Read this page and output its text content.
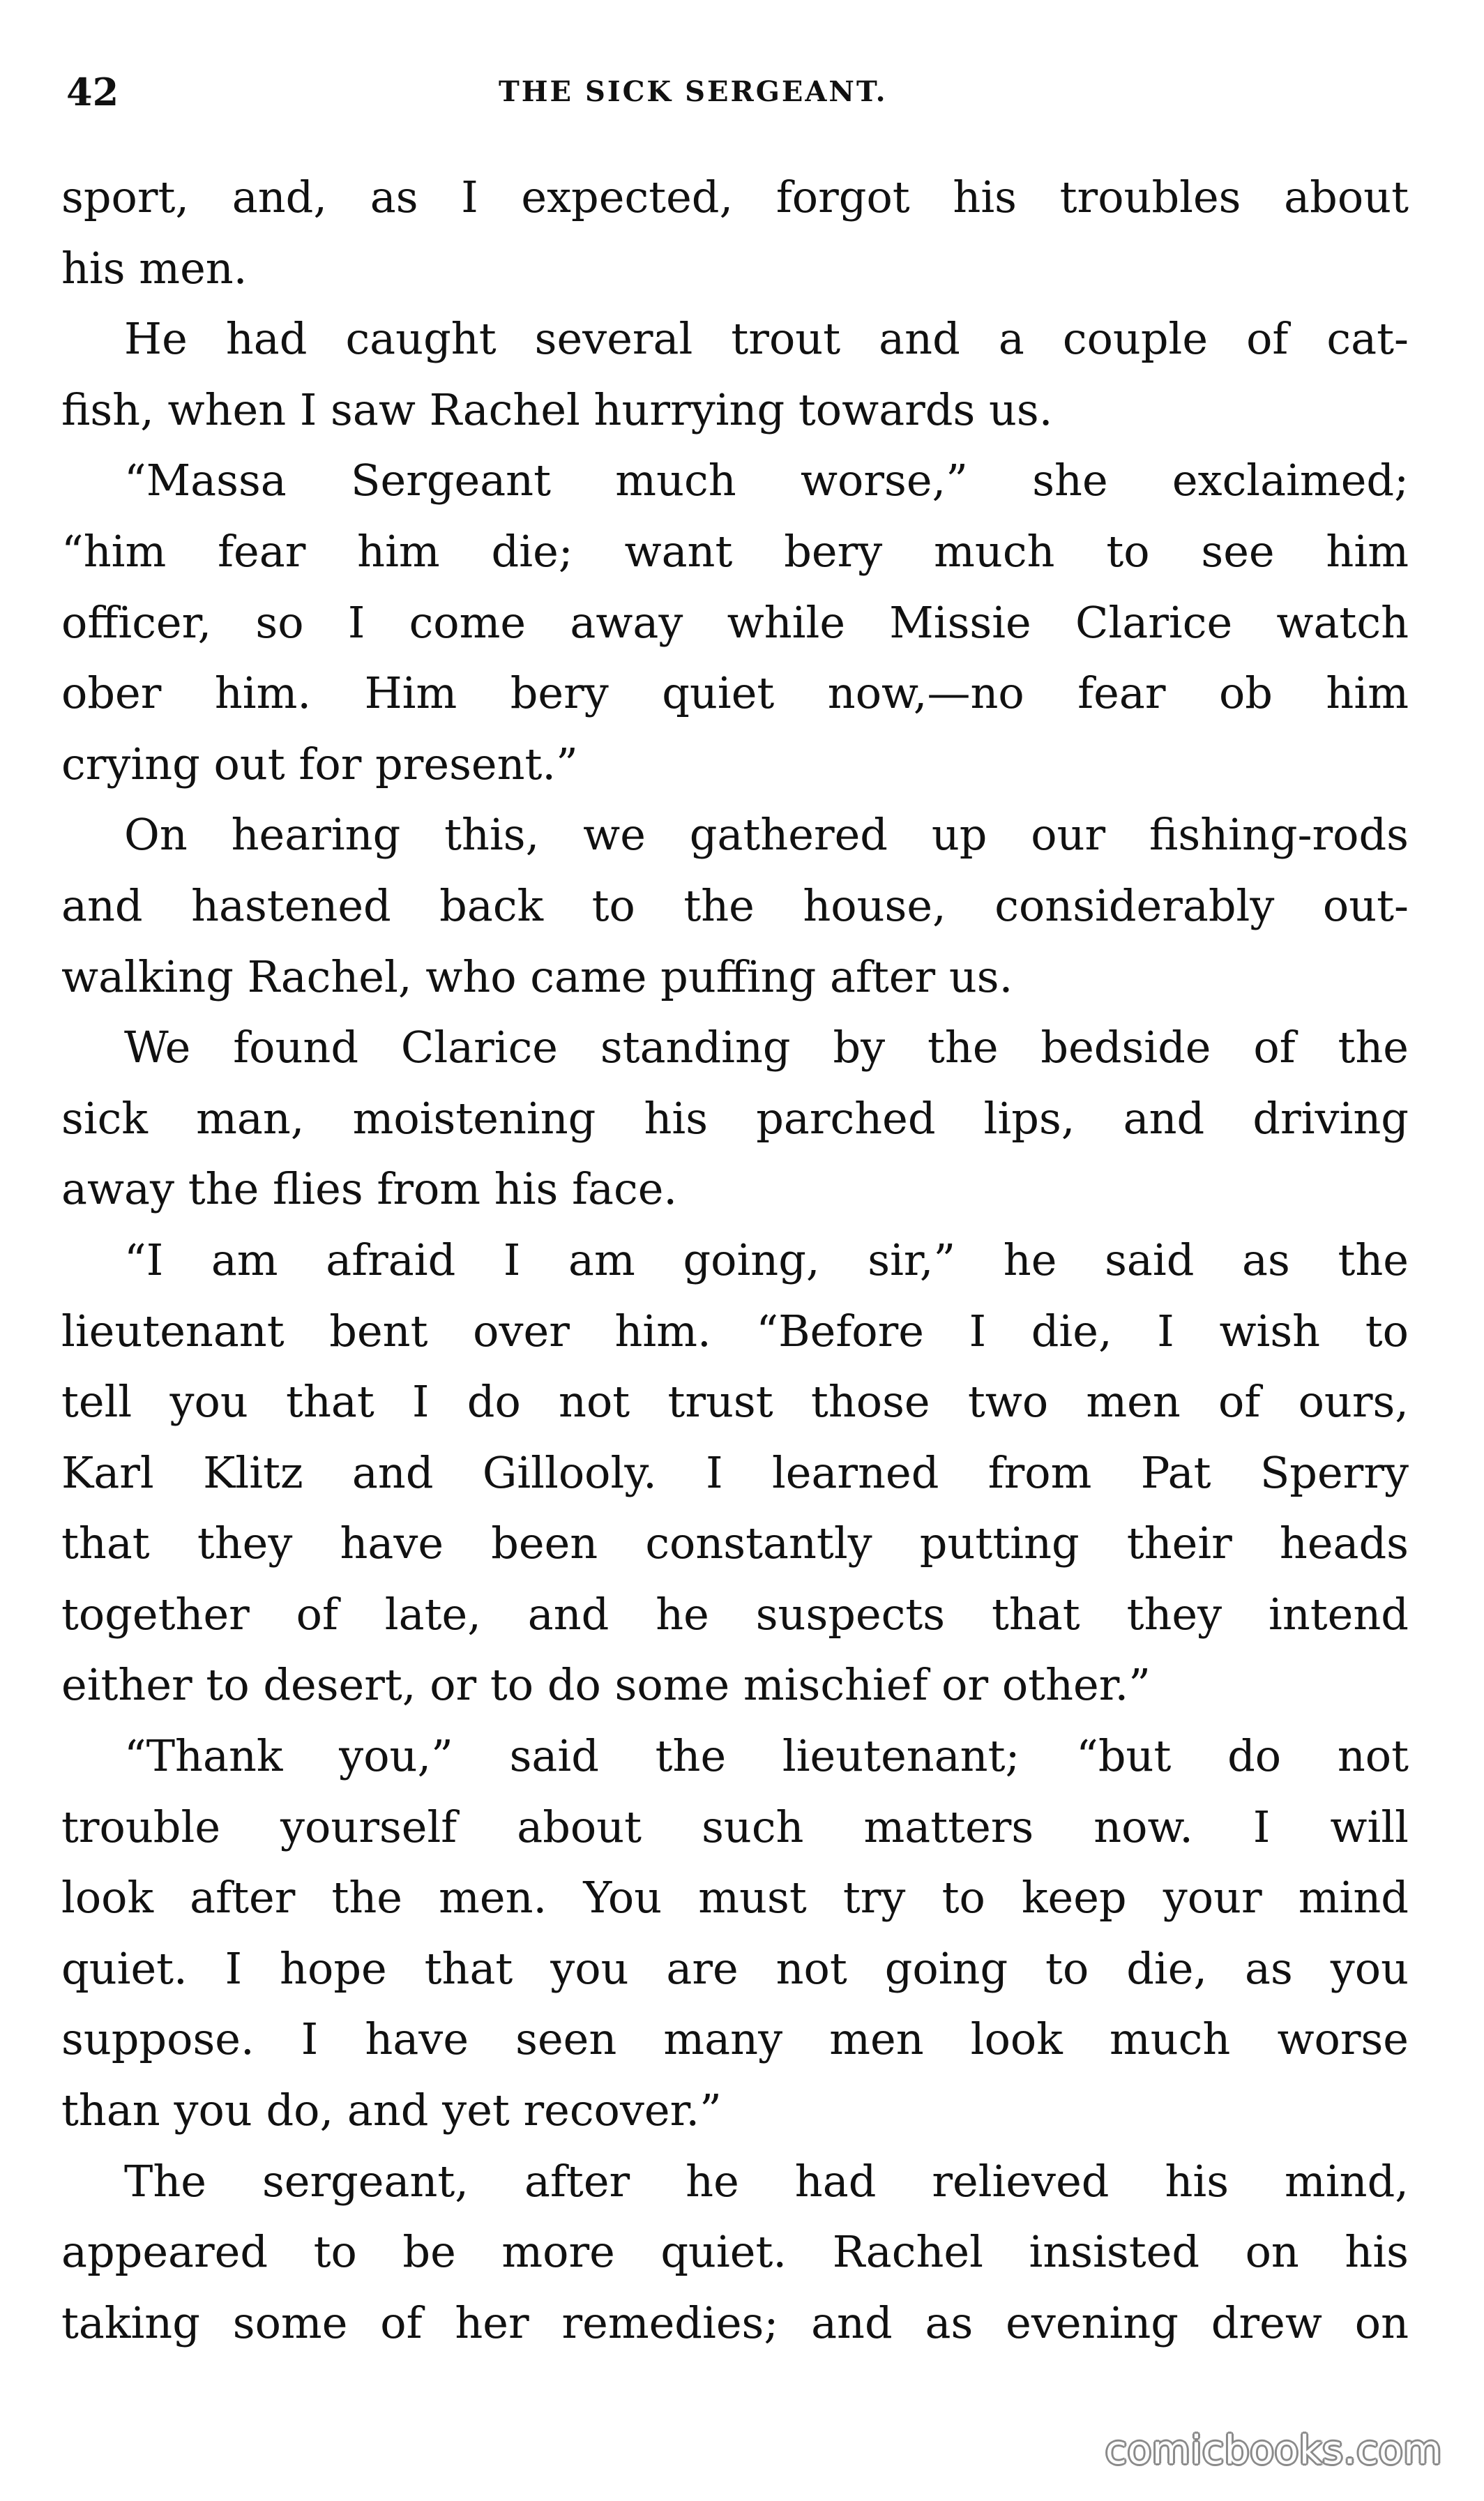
42	THE SICK SERGEANT.
sport, and, as I expected, forgot his troubles about
his men.
He had caught several trout and a couple of cat-
fish, when I saw Rachel hurrying towards us.
“Massa Sergeant much worse,” she exclaimed;
“him fear him die; want bery much to see him
officer, so I come away while Missie Clarice watch
ober him. Him bery quiet now,—no fear ob him
crying out for present.”
On hearing this, we gathered up our fishing-rods
and hastened back to the house, considerably out-
walking Rachel, who came puffing after us.
We found Clarice standing by the bedside of the
sick man, moistening his parched lips, and driving
away the flies from his face.
“I am afraid I am going, sir,” he said as the
lieutenant bent over him. “Before I die, I wish to
tell you that I do not trust those two men of ours,
Karl Klitz and Gillooly. I learned from Pat Sperry
that they have been constantly putting their heads
together of late, and he suspects that they intend
either to desert, or to do some mischief or other.”
“Thank you,” said the lieutenant; “but do not
trouble yourself about such matters now. I will
look after the men. You must try to keep your mind
quiet. I hope that you are not going to die, as you
suppose. I have seen many men look much worse
than you do, and yet recover.”
The sergeant, after he had relieved his mind,
appeared to be more quiet. Rachel insisted on his
taking some of her remedies; and as evening drew on
comicbooks.com
